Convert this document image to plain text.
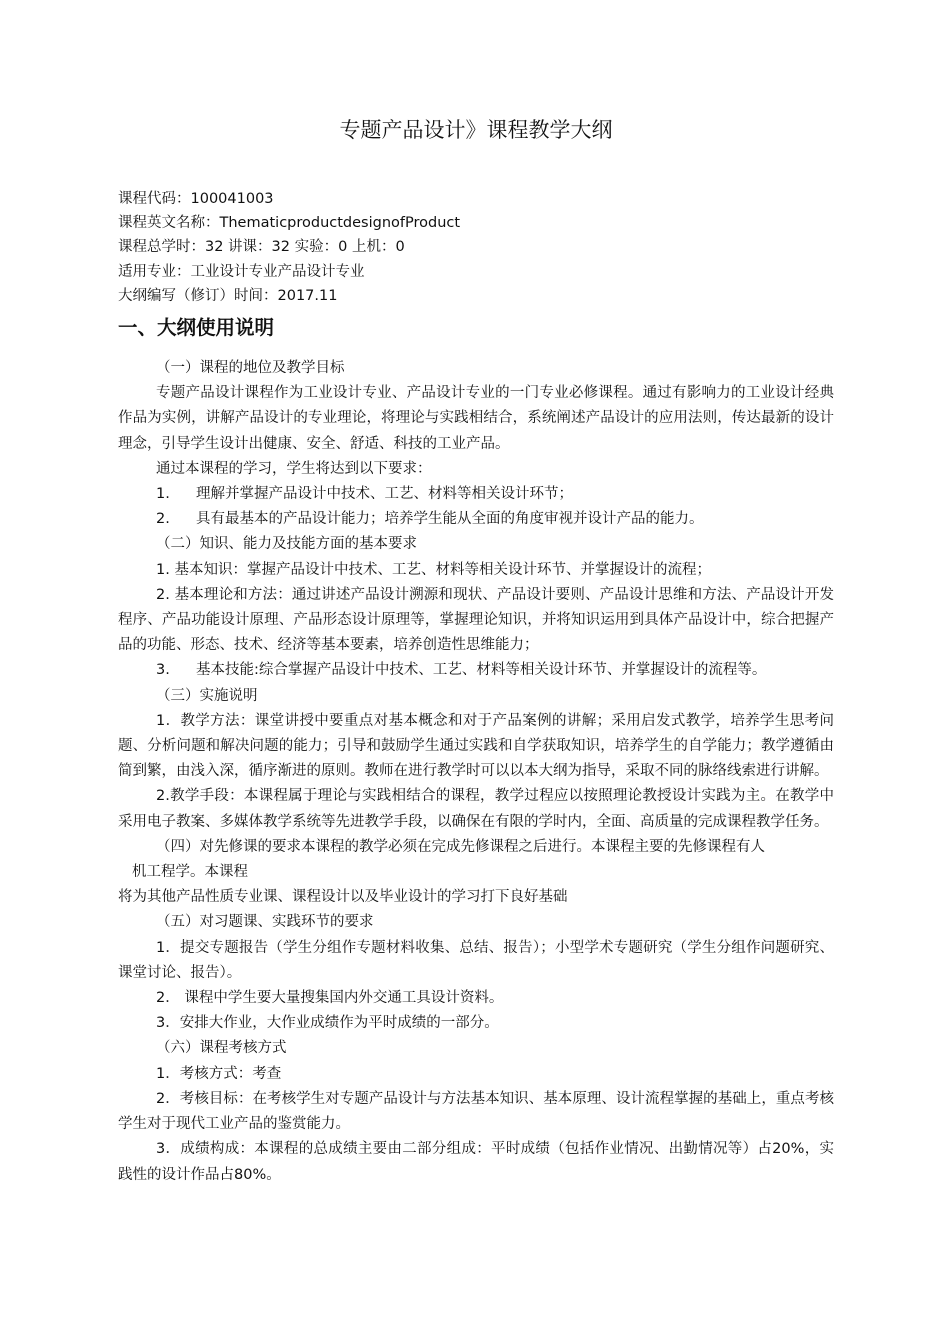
专题产品设计》课程教学大纲
课程代码：100041003
课程英文名称：ThematicproductdesignofProduct
课程总学时：32 讲课：32 实验：0 上机：0
适用专业：工业设计专业产品设计专业
大纲编写（修订）时间：2017.11
一、大纲使用说明

（一）课程的地位及教学目标

专题产品设计课程作为工业设计专业、产品设计专业的一门专业必修课程。通过有影响力的工业设计经典作品为实例，讲解产品设计的专业理论，将理论与实践相结合，系统阐述产品设计的应用法则，传达最新的设计理念，引导学生设计出健康、安全、舒适、科技的工业产品。

通过本课程的学习，学生将达到以下要求：

1. 理解并掌握产品设计中技术、工艺、材料等相关设计环节；

2. 具有最基本的产品设计能力；培养学生能从全面的角度审视并设计产品的能力。

（二）知识、能力及技能方面的基本要求

1. 基本知识：掌握产品设计中技术、工艺、材料等相关设计环节、并掌握设计的流程；

2. 基本理论和方法：通过讲述产品设计溯源和现状、产品设计要则、产品设计思维和方法、产品设计开发程序、产品功能设计原理、产品形态设计原理等，掌握理论知识，并将知识运用到具体产品设计中，综合把握产品的功能、形态、技术、经济等基本要素，培养创造性思维能力；

3. 基本技能:综合掌握产品设计中技术、工艺、材料等相关设计环节、并掌握设计的流程等。

（三）实施说明

1．教学方法：课堂讲授中要重点对基本概念和对于产品案例的讲解；采用启发式教学，培养学生思考问题、分析问题和解决问题的能力；引导和鼓励学生通过实践和自学获取知识，培养学生的自学能力；教学遵循由简到繁，由浅入深，循序渐进的原则。教师在进行教学时可以以本大纲为指导，采取不同的脉络线索进行讲解。

2.教学手段：本课程属于理论与实践相结合的课程，教学过程应以按照理论教授设计实践为主。在教学中采用电子教案、多媒体教学系统等先进教学手段，以确保在有限的学时内，全面、高质量的完成课程教学任务。

（四）对先修课的要求本课程的教学必须在完成先修课程之后进行。本课程主要的先修课程有人

机工程学。本课程

将为其他产品性质专业课、课程设计以及毕业设计的学习打下良好基础

（五）对习题课、实践环节的要求

1．提交专题报告（学生分组作专题材料收集、总结、报告）；小型学术专题研究（学生分组作问题研究、课堂讨论、报告）。

2． 课程中学生要大量搜集国内外交通工具设计资料。

3．安排大作业，大作业成绩作为平时成绩的一部分。

（六）课程考核方式

1．考核方式：考查

2．考核目标：在考核学生对专题产品设计与方法基本知识、基本原理、设计流程掌握的基础上，重点考核学生对于现代工业产品的鉴赏能力。

3．成绩构成：本课程的总成绩主要由二部分组成：平时成绩（包括作业情况、出勤情况等）占20%，实践性的设计作品占80%。
